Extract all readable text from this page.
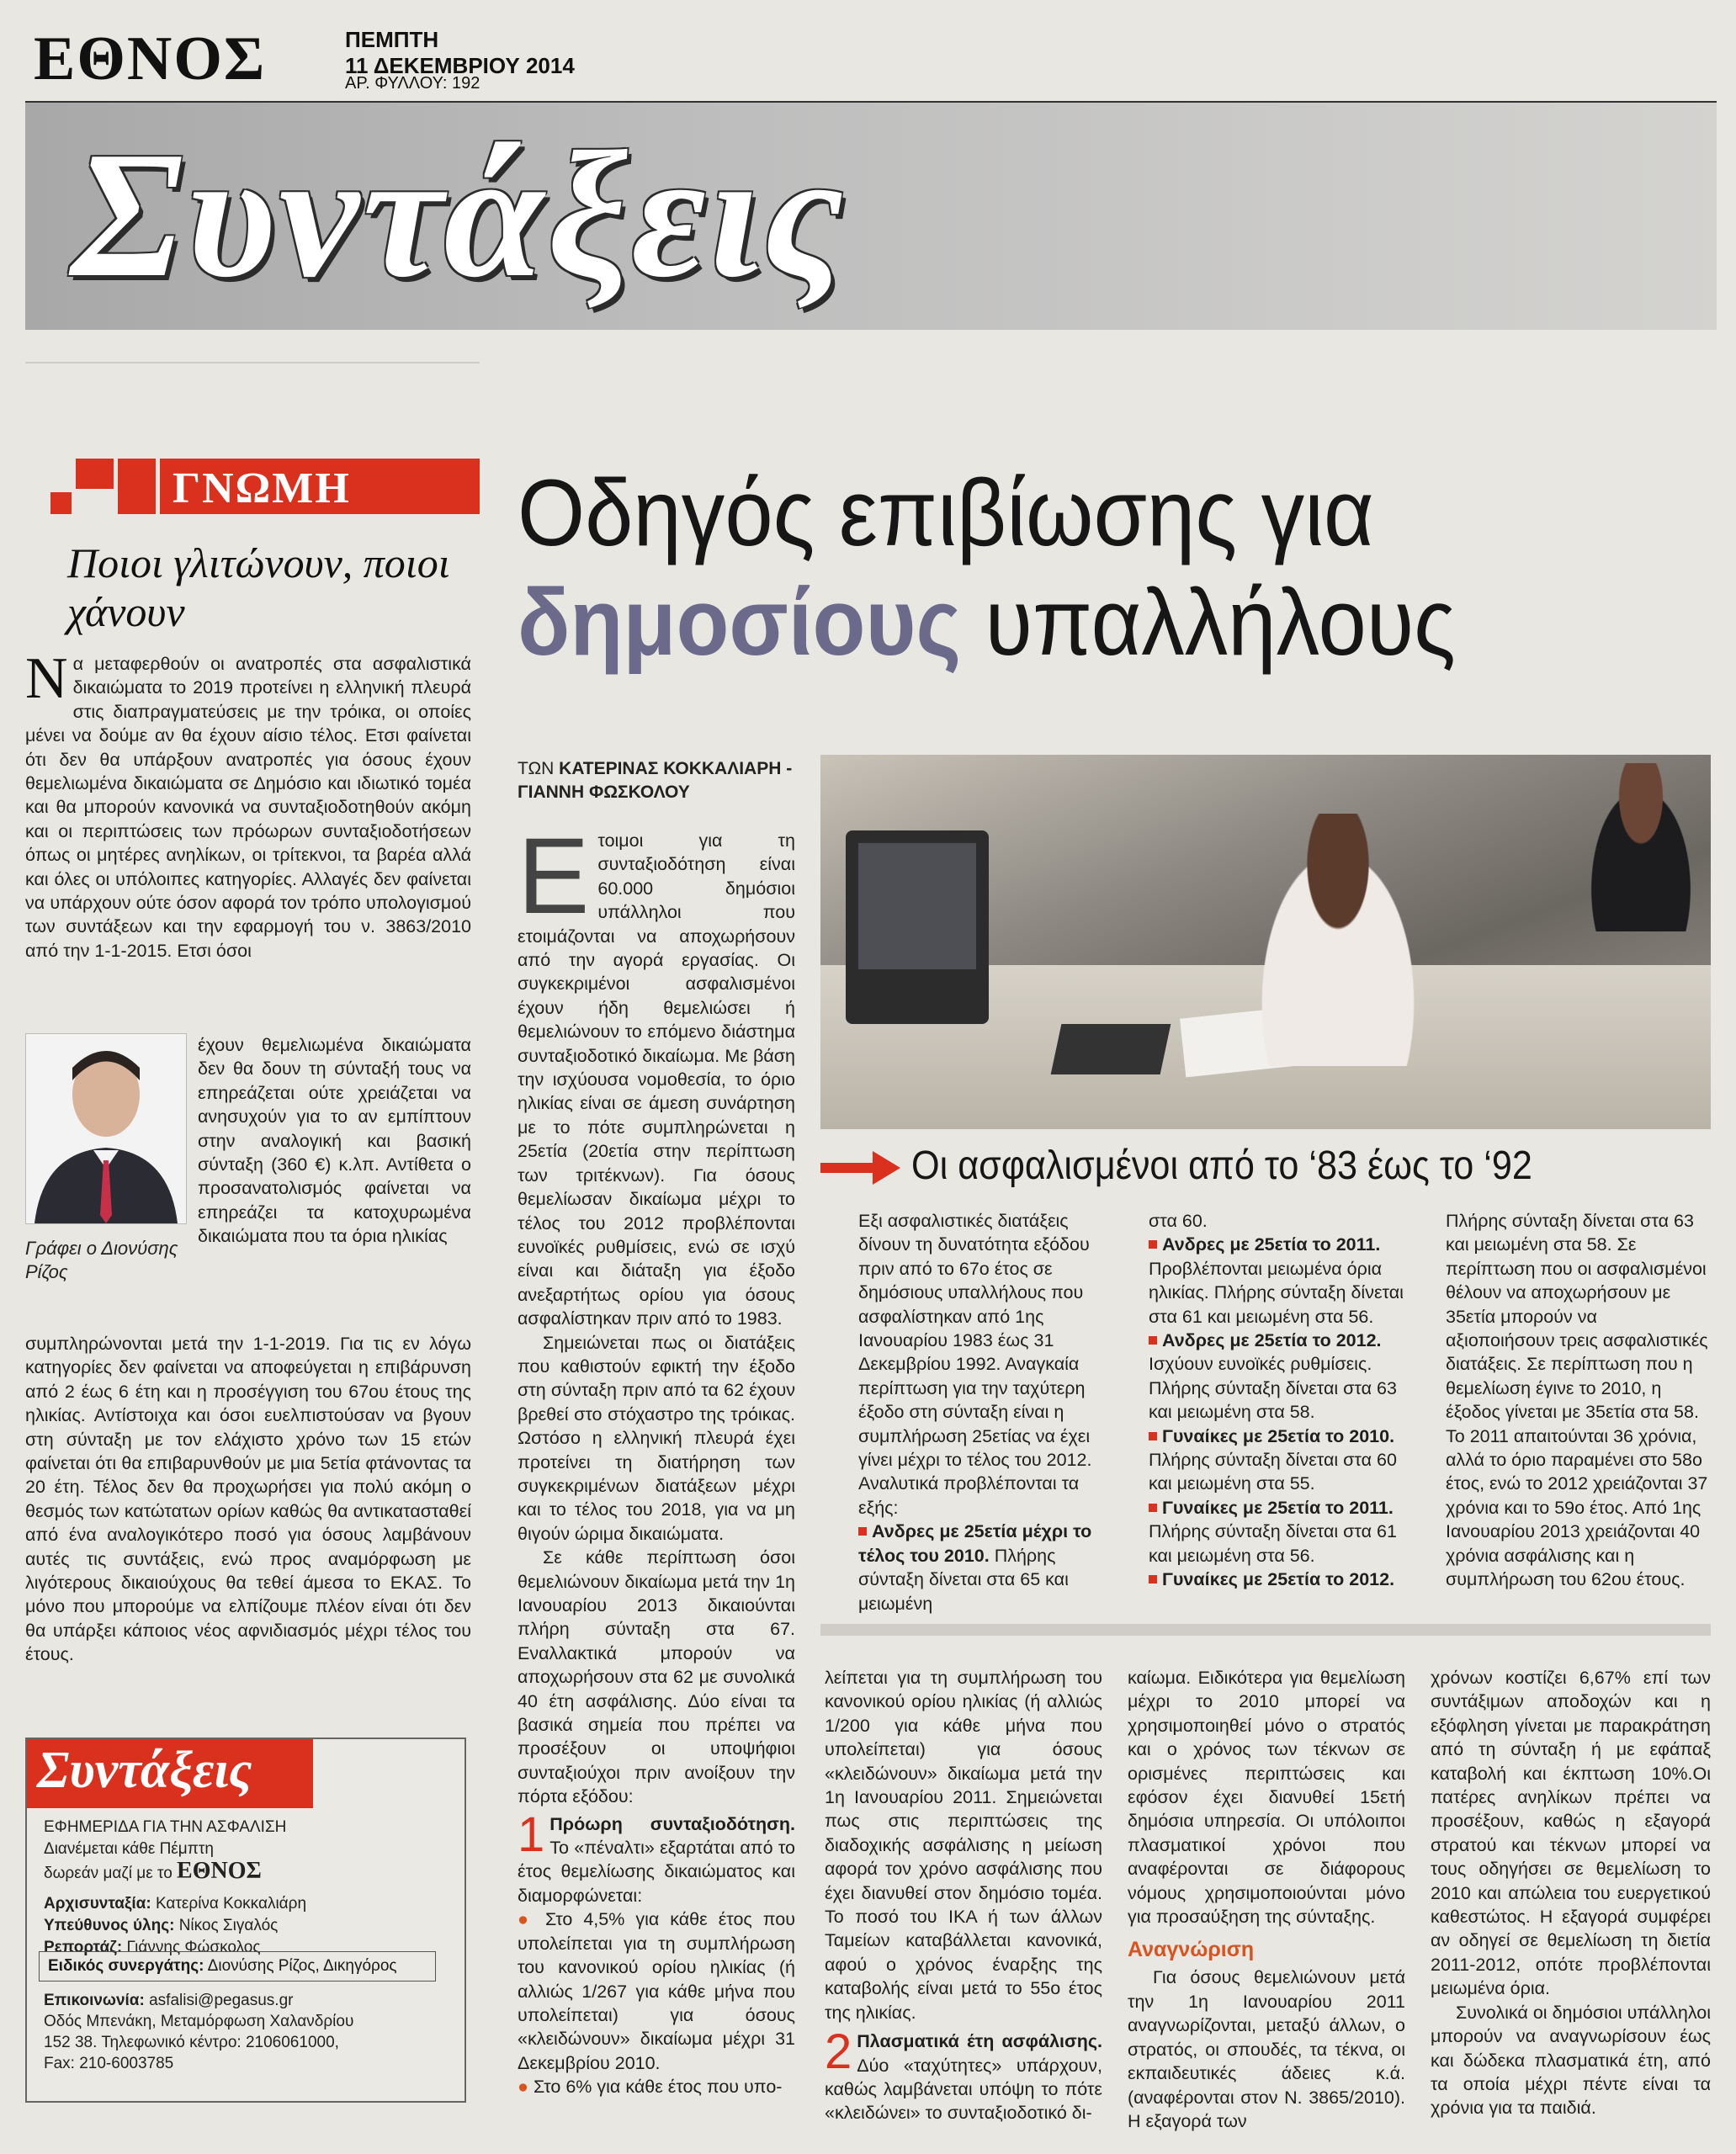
ΕΘΝΟΣ	ΠΕΜΠΤΗ
11 ΔΕΚΕΜΒΡΙΟΥ 2014
ΑΡ. ΦΥΛΛΟΥ: 192
Συντάξεις
ΓΝΩΜΗ
Ποιοι γλιτώνουν, ποιοι χάνουν
Ν α μεταφερθούν οι ανατροπές στα ασφαλιστικά δικαιώματα το 2019 προτείνει η ελληνική πλευρά στις διαπραγματεύσεις με την τρόικα, οι οποίες μένει να δούμε αν θα έχουν αίσιο τέλος. Ετσι φαίνεται ότι δεν θα υπάρξουν ανατροπές για όσους έχουν θεμελιωμένα δικαιώματα σε Δημόσιο και ιδιωτικό τομέα και θα μπορούν κανονικά να συνταξιοδοτηθούν ακόμη και οι περιπτώσεις των πρόωρων συνταξιοδοτήσεων όπως οι μητέρες ανηλίκων, οι τρίτεκνοι, τα βαρέα αλλά και όλες οι υπόλοιπες κατηγορίες. Αλλαγές δεν φαίνεται να υπάρχουν ούτε όσον αφορά τον τρόπο υπολογισμού των συντάξεων και την εφαρμογή του ν. 3863/2010 από την 1-1-2015. Ετσι όσοι
Γράφει ο Διονύσης Ρίζος
έχουν θεμελιωμένα δικαιώματα δεν θα δουν τη σύνταξή τους να επηρεάζεται ούτε χρειάζεται να ανησυχούν για το αν εμπίπτουν στην αναλογική και βασική σύνταξη (360 €) κ.λπ. Αντίθετα ο προσανατολισμός φαίνεται να επηρεάζει τα κατοχυρωμένα δικαιώματα που τα όρια ηλικίας
συμπληρώνονται μετά την 1-1-2019. Για τις εν λόγω κατηγορίες δεν φαίνεται να αποφεύγεται η επιβάρυνση από 2 έως 6 έτη και η προσέγγιση του 67ου έτους της ηλικίας. Αντίστοιχα και όσοι ευελπιστούσαν να βγουν στη σύνταξη με τον ελάχιστο χρόνο των 15 ετών φαίνεται ότι θα επιβαρυνθούν με μια 5ετία φτάνοντας τα 20 έτη. Τέλος δεν θα προχωρήσει για πολύ ακόμη ο θεσμός των κατώτατων ορίων καθώς θα αντικατασταθεί από ένα αναλογικότερο ποσό για όσους λαμβάνουν αυτές τις συντάξεις, ενώ προς αναμόρφωση με λιγότερους δικαιούχους θα τεθεί άμεσα το ΕΚΑΣ. Το μόνο που μπορούμε να ελπίζουμε πλέον είναι ότι δεν θα υπάρξει κάποιος νέος αφνιδιασμός μέχρι τέλος του έτους.
Συντάξεις
ΕΦΗΜΕΡΙΔΑ ΓΙΑ ΤΗΝ ΑΣΦΑΛΙΣΗ
Διανέμεται κάθε Πέμπτη
δωρεάν μαζί με το ΕΘΝΟΣ
Αρχισυνταξία: Κατερίνα Κοκκαλιάρη
Υπεύθυνος ύλης: Νίκος Σιγαλός
Ρεπορτάζ: Γιάννης Φώσκολος
Ειδικός συνεργάτης: Διονύσης Ρίζος, Δικηγόρος
Επικοινωνία: asfalisi@pegasus.gr
Οδός Μπενάκη, Μεταμόρφωση Χαλανδρίου
152 38. Τηλεφωνικό κέντρο: 2106061000,
Fax: 210-6003785
Οδηγός επιβίωσης για
δημοσίους υπαλλήλους
ΤΩΝ ΚΑΤΕΡΙΝΑΣ ΚΟΚΚΑΛΙΑΡΗ - ΓΙΑΝΝΗ ΦΩΣΚΟΛΟΥ

Ετοιμοι για τη συνταξιοδότηση είναι 60.000 δημόσιοι υπάλληλοι που ετοιμάζονται να αποχωρήσουν από την αγορά εργασίας. Οι συγκεκριμένοι ασφαλισμένοι έχουν ήδη θεμελιώσει ή θεμελιώνουν το επόμενο διάστημα συνταξιοδοτικό δικαίωμα. Με βάση την ισχύουσα νομοθεσία, το όριο ηλικίας είναι σε άμεση συνάρτηση με το πότε συμπληρώνεται η 25ετία (20ετία στην περίπτωση των τριτέκνων). Για όσους θεμελίωσαν δικαίωμα μέχρι το τέλος του 2012 προβλέπονται ευνοϊκές ρυθμίσεις, ενώ σε ισχύ είναι και διάταξη για έξοδο ανεξαρτήτως ορίου για όσους ασφαλίστηκαν πριν από το 1983.

Σημειώνεται πως οι διατάξεις που καθιστούν εφικτή την έξοδο στη σύνταξη πριν από τα 62 έχουν βρεθεί στο στόχαστρο της τρόικας. Ωστόσο η ελληνική πλευρά έχει προτείνει τη διατήρηση των συγκεκριμένων διατάξεων μέχρι και το τέλος του 2018, για να μη θιγούν ώριμα δικαιώματα.

Σε κάθε περίπτωση όσοι θεμελιώνουν δικαίωμα μετά την 1η Ιανουαρίου 2013 δικαιούνται πλήρη σύνταξη στα 67. Εναλλακτικά μπορούν να αποχωρήσουν στα 62 με συνολικά 40 έτη ασφάλισης. Δύο είναι τα βασικά σημεία που πρέπει να προσέξουν οι υποψήφιοι συνταξιούχοι πριν ανοίξουν την πόρτα εξόδου:

1 Πρόωρη συνταξιοδότηση. Το «πέναλτι» εξαρτάται από το έτος θεμελίωσης δικαιώματος και διαμορφώνεται:

● Στο 4,5% για κάθε έτος που υπολείπεται για τη συμπλήρωση του κανονικού ορίου ηλικίας (ή αλλιώς 1/267 για κάθε μήνα που υπολείπεται) για όσους «κλειδώνουν» δικαίωμα μέχρι 31 Δεκεμβρίου 2010.

● Στο 6% για κάθε έτος που υπο-

Οι ασφαλισμένοι από το ‘83 έως το ‘92

Εξι ασφαλιστικές διατάξεις δίνουν τη δυνατότητα εξόδου πριν από το 67ο έτος σε δημόσιους υπαλλήλους που ασφαλίστηκαν από 1ης Ιανουαρίου 1983 έως 31 Δεκεμβρίου 1992. Αναγκαία περίπτωση για την ταχύτερη έξοδο στη σύνταξη είναι η συμπλήρωση 25ετίας να έχει γίνει μέχρι το τέλος του 2012.

Αναλυτικά προβλέπονται τα εξής:

Ανδρες με 25ετία μέχρι το τέλος του 2010. Πλήρης σύνταξη δίνεται στα 65 και μειωμένη

στα 60.

Ανδρες με 25ετία το 2011. Προβλέπονται μειωμένα όρια ηλικίας. Πλήρης σύνταξη δίνεται στα 61 και μειωμένη στα 56.

Ανδρες με 25ετία το 2012. Ισχύουν ευνοϊκές ρυθμίσεις. Πλήρης σύνταξη δίνεται στα 63 και μειωμένη στα 58.

Γυναίκες με 25ετία το 2010. Πλήρης σύνταξη δίνεται στα 60 και μειωμένη στα 55.

Γυναίκες με 25ετία το 2011. Πλήρης σύνταξη δίνεται στα 61 και μειωμένη στα 56.

Γυναίκες με 25ετία το 2012.

Πλήρης σύνταξη δίνεται στα 63 και μειωμένη στα 58. Σε περίπτωση που οι ασφαλισμένοι θέλουν να αποχωρήσουν με 35ετία μπορούν να αξιοποιήσουν τρεις ασφαλιστικές διατάξεις. Σε περίπτωση που η θεμελίωση έγινε το 2010, η έξοδος γίνεται με 35ετία στα 58. Το 2011 απαιτούνται 36 χρόνια, αλλά το όριο παραμένει στο 58ο έτος, ενώ το 2012 χρειάζονται 37 χρόνια και το 59ο έτος. Από 1ης Ιανουαρίου 2013 χρειάζονται 40 χρόνια ασφάλισης και η συμπλήρωση του 62ου έτους.

λείπεται για τη συμπλήρωση του κανονικού ορίου ηλικίας (ή αλλιώς 1/200 για κάθε μήνα που υπολείπεται) για όσους «κλειδώνουν» δικαίωμα μετά την 1η Ιανουαρίου 2011. Σημειώνεται πως στις περιπτώσεις της διαδοχικής ασφάλισης η μείωση αφορά τον χρόνο ασφάλισης που έχει διανυθεί στον δημόσιο τομέα. Το ποσό του ΙΚΑ ή των άλλων Ταμείων καταβάλλεται κανονικά, αφού ο χρόνος έναρξης της καταβολής είναι μετά το 55ο έτος της ηλικίας.

2 Πλασματικά έτη ασφάλισης. Δύο «ταχύτητες» υπάρχουν, καθώς λαμβάνεται υπόψη το πότε «κλειδώνει» το συνταξιοδοτικό δι-

καίωμα. Ειδικότερα για θεμελίωση μέχρι το 2010 μπορεί να χρησιμοποιηθεί μόνο ο στρατός και ο χρόνος των τέκνων σε ορισμένες περιπτώσεις και εφόσον έχει διανυθεί 15ετή δημόσια υπηρεσία. Οι υπόλοιποι πλασματικοί χρόνοι που αναφέρονται σε διάφορους νόμους χρησιμοποιούνται μόνο για προσαύξηση της σύνταξης.

Αναγνώριση

Για όσους θεμελιώνουν μετά την 1η Ιανουαρίου 2011 αναγνωρίζονται, μεταξύ άλλων, ο στρατός, οι σπουδές, τα τέκνα, οι εκπαιδευτικές άδειες κ.ά. (αναφέρονται στον Ν. 3865/2010). Η εξαγορά των

χρόνων κοστίζει 6,67% επί των συντάξιμων αποδοχών και η εξόφληση γίνεται με παρακράτηση από τη σύνταξη ή με εφάπαξ καταβολή και έκπτωση 10%.Οι πατέρες ανηλίκων πρέπει να προσέξουν, καθώς η εξαγορά στρατού και τέκνων μπορεί να τους οδηγήσει σε θεμελίωση το 2010 και απώλεια του ευεργετικού καθεστώτος. Η εξαγορά συμφέρει αν οδηγεί σε θεμελίωση τη διετία 2011-2012, οπότε προβλέπονται μειωμένα όρια.

Συνολικά οι δημόσιοι υπάλληλοι μπορούν να αναγνωρίσουν έως και δώδεκα πλασματικά έτη, από τα οποία μέχρι πέντε είναι τα χρόνια για τα παιδιά.
